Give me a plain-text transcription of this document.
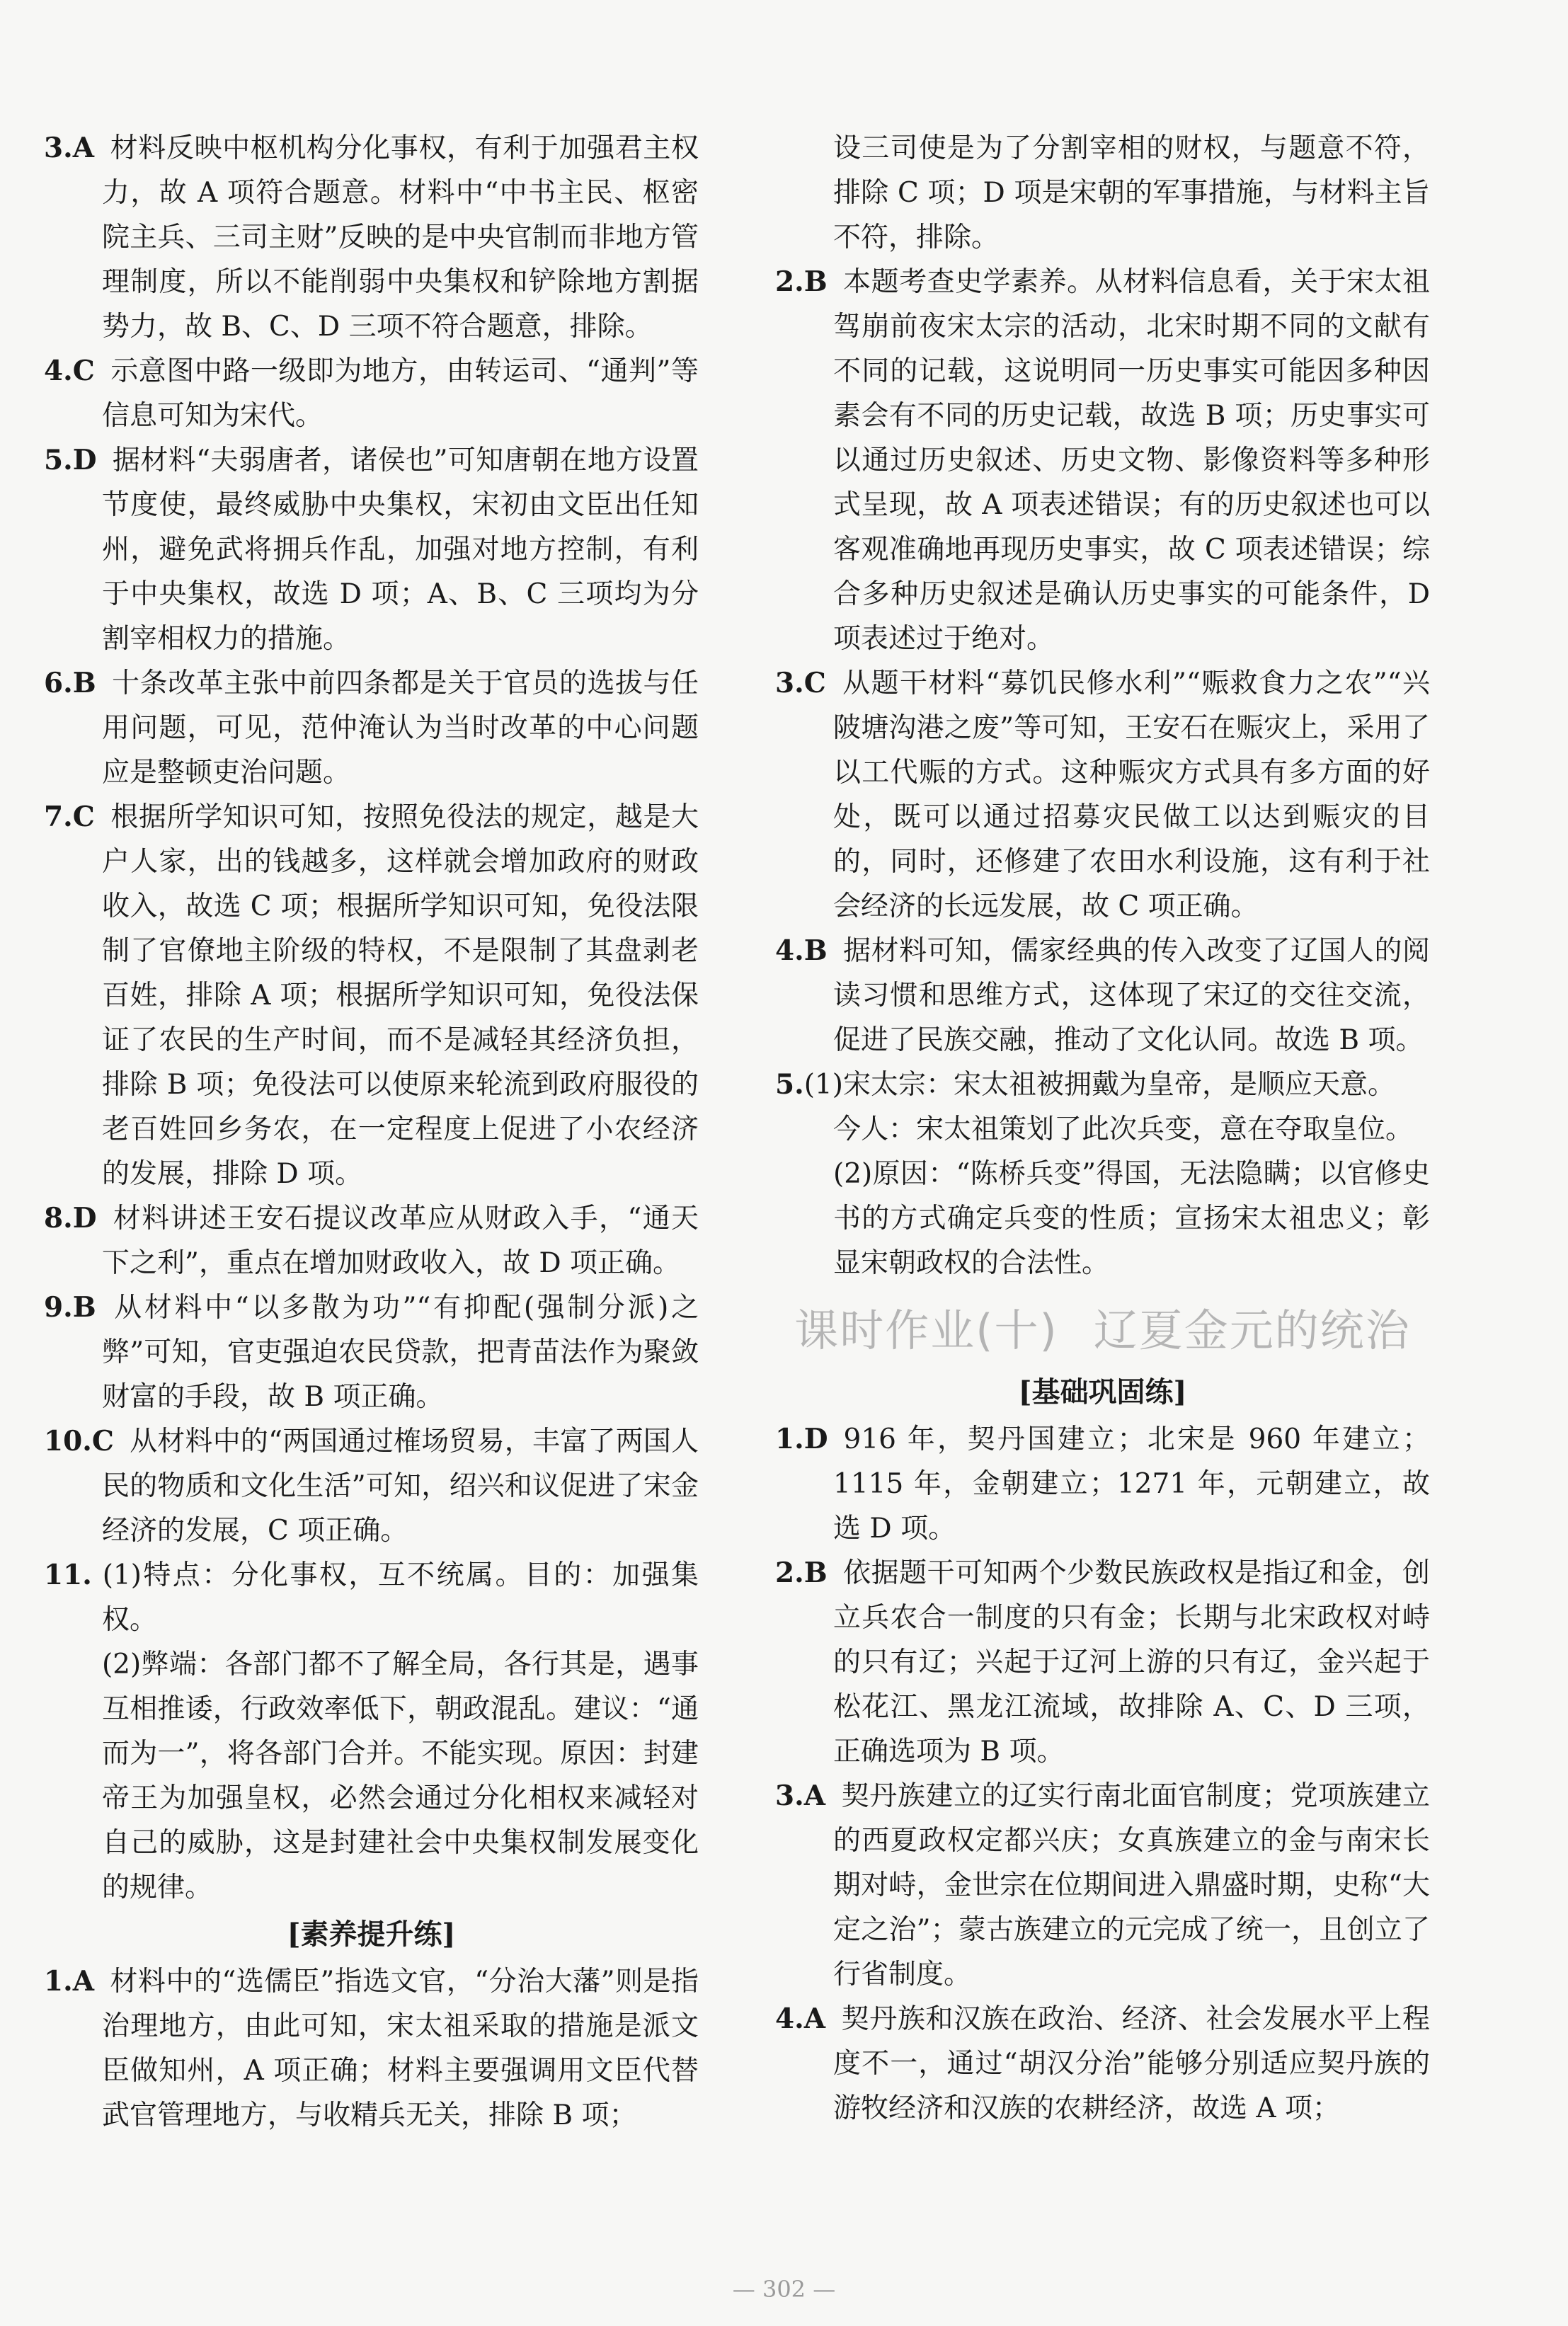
3.A 材料反映中枢机构分化事权，有利于加强君主权力，故 A 项符合题意。材料中“中书主民、枢密院主兵、三司主财”反映的是中央官制而非地方管理制度，所以不能削弱中央集权和铲除地方割据势力，故 B、C、D 三项不符合题意，排除。

4.C 示意图中路一级即为地方，由转运司、“通判”等信息可知为宋代。

5.D 据材料“夫弱唐者，诸侯也”可知唐朝在地方设置节度使，最终威胁中央集权，宋初由文臣出任知州，避免武将拥兵作乱，加强对地方控制，有利于中央集权，故选 D 项；A、B、C 三项均为分割宰相权力的措施。

6.B 十条改革主张中前四条都是关于官员的选拔与任用问题，可见，范仲淹认为当时改革的中心问题应是整顿吏治问题。

7.C 根据所学知识可知，按照免役法的规定，越是大户人家，出的钱越多，这样就会增加政府的财政收入，故选 C 项；根据所学知识可知，免役法限制了官僚地主阶级的特权，不是限制了其盘剥老百姓，排除 A 项；根据所学知识可知，免役法保证了农民的生产时间，而不是减轻其经济负担，排除 B 项；免役法可以使原来轮流到政府服役的老百姓回乡务农，在一定程度上促进了小农经济的发展，排除 D 项。

8.D 材料讲述王安石提议改革应从财政入手，“通天下之利”，重点在增加财政收入，故 D 项正确。

9.B 从材料中“以多散为功”“有抑配(强制分派)之弊”可知，官吏强迫农民贷款，把青苗法作为聚敛财富的手段，故 B 项正确。

10.C 从材料中的“两国通过榷场贸易，丰富了两国人民的物质和文化生活”可知，绍兴和议促进了宋金经济的发展，C 项正确。

11. (1)特点：分化事权，互不统属。目的：加强集权。

(2)弊端：各部门都不了解全局，各行其是，遇事互相推诿，行政效率低下，朝政混乱。建议：“通而为一”，将各部门合并。不能实现。原因：封建帝王为加强皇权，必然会通过分化相权来减轻对自己的威胁，这是封建社会中央集权制发展变化的规律。

[素养提升练]

1.A 材料中的“选儒臣”指选文官，“分治大藩”则是指治理地方，由此可知，宋太祖采取的措施是派文臣做知州，A 项正确；材料主要强调用文臣代替武官管理地方，与收精兵无关，排除 B 项；

设三司使是为了分割宰相的财权，与题意不符，排除 C 项；D 项是宋朝的军事措施，与材料主旨不符，排除。

2.B 本题考查史学素养。从材料信息看，关于宋太祖驾崩前夜宋太宗的活动，北宋时期不同的文献有不同的记载，这说明同一历史事实可能因多种因素会有不同的历史记载，故选 B 项；历史事实可以通过历史叙述、历史文物、影像资料等多种形式呈现，故 A 项表述错误；有的历史叙述也可以客观准确地再现历史事实，故 C 项表述错误；综合多种历史叙述是确认历史事实的可能条件，D 项表述过于绝对。

3.C 从题干材料“募饥民修水利”“赈救食力之农”“兴陂塘沟港之废”等可知，王安石在赈灾上，采用了以工代赈的方式。这种赈灾方式具有多方面的好处，既可以通过招募灾民做工以达到赈灾的目的，同时，还修建了农田水利设施，这有利于社会经济的长远发展，故 C 项正确。

4.B 据材料可知，儒家经典的传入改变了辽国人的阅读习惯和思维方式，这体现了宋辽的交往交流，促进了民族交融，推动了文化认同。故选 B 项。

5.(1)宋太宗：宋太祖被拥戴为皇帝，是顺应天意。

今人：宋太祖策划了此次兵变，意在夺取皇位。

(2)原因：“陈桥兵变”得国，无法隐瞒；以官修史书的方式确定兵变的性质；宣扬宋太祖忠义；彰显宋朝政权的合法性。

课时作业(十) 辽夏金元的统治
[基础巩固练]

1.D 916 年，契丹国建立；北宋是 960 年建立；1115 年，金朝建立；1271 年，元朝建立，故选 D 项。

2.B 依据题干可知两个少数民族政权是指辽和金，创立兵农合一制度的只有金；长期与北宋政权对峙的只有辽；兴起于辽河上游的只有辽，金兴起于松花江、黑龙江流域，故排除 A、C、D 三项，正确选项为 B 项。

3.A 契丹族建立的辽实行南北面官制度；党项族建立的西夏政权定都兴庆；女真族建立的金与南宋长期对峙，金世宗在位期间进入鼎盛时期，史称“大定之治”；蒙古族建立的元完成了统一，且创立了行省制度。

4.A 契丹族和汉族在政治、经济、社会发展水平上程度不一，通过“胡汉分治”能够分别适应契丹族的游牧经济和汉族的农耕经济，故选 A 项；

— 302 —
